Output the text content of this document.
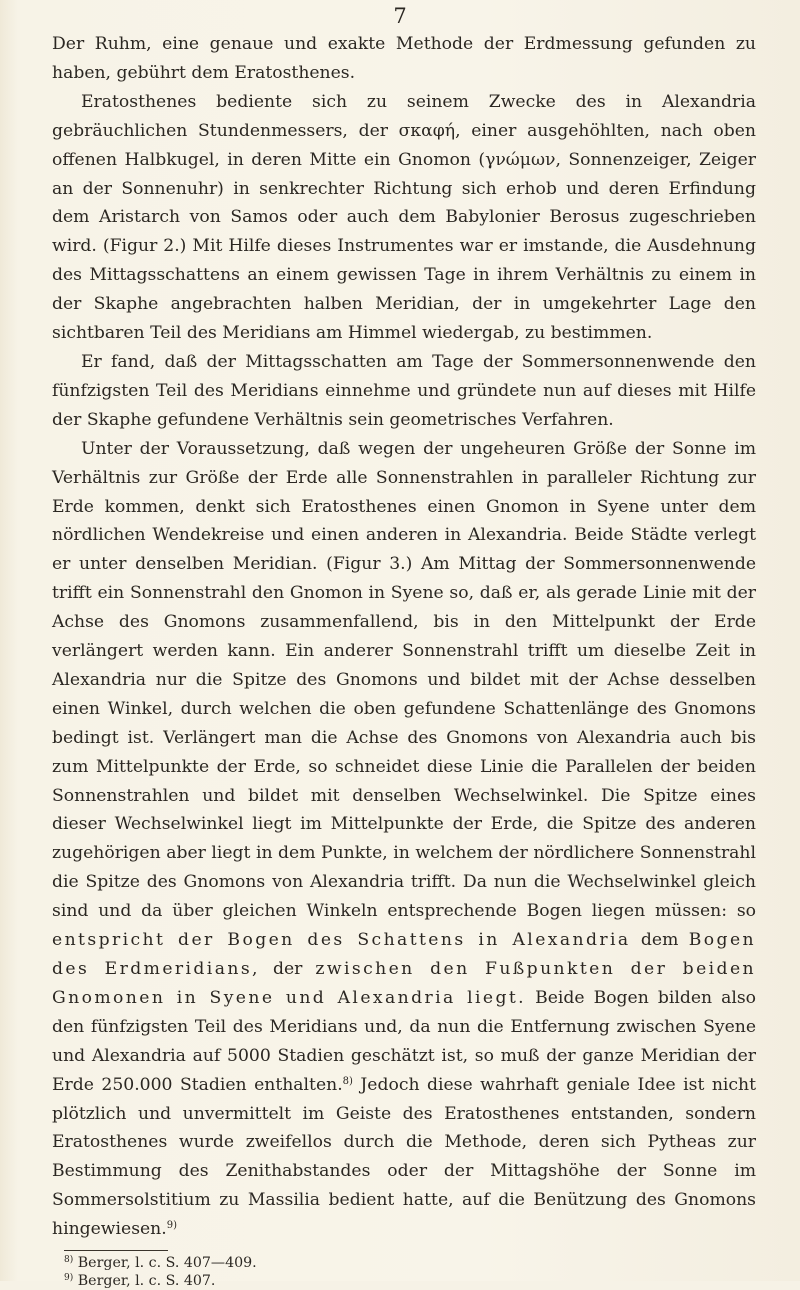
7

Der Ruhm, eine genaue und exakte Methode der Erdmessung gefunden zu haben, gebührt dem Eratosthenes.

Eratosthenes bediente sich zu seinem Zwecke des in Alexandria gebräuchlichen Stundenmessers, der σκαφή, einer ausgehöhlten, nach oben offenen Halbkugel, in deren Mitte ein Gnomon (γνώμων, Sonnenzeiger, Zeiger an der Sonnenuhr) in senkrechter Richtung sich erhob und deren Erfindung dem Aristarch von Samos oder auch dem Babylonier Berosus zugeschrieben wird. (Figur 2.) Mit Hilfe dieses Instrumentes war er imstande, die Ausdehnung des Mittagsschattens an einem gewissen Tage in ihrem Verhältnis zu einem in der Skaphe angebrachten halben Meridian, der in umgekehrter Lage den sichtbaren Teil des Meridians am Himmel wiedergab, zu bestimmen.

Er fand, daß der Mittagsschatten am Tage der Sommersonnenwende den fünfzigsten Teil des Meridians einnehme und gründete nun auf dieses mit Hilfe der Skaphe gefundene Verhältnis sein geometrisches Verfahren.

Unter der Voraussetzung, daß wegen der ungeheuren Größe der Sonne im Verhältnis zur Größe der Erde alle Sonnenstrahlen in paralleler Richtung zur Erde kommen, denkt sich Eratosthenes einen Gnomon in Syene unter dem nördlichen Wendekreise und einen anderen in Alexandria. Beide Städte verlegt er unter denselben Meridian. (Figur 3.) Am Mittag der Sommersonnenwende trifft ein Sonnenstrahl den Gnomon in Syene so, daß er, als gerade Linie mit der Achse des Gnomons zusammenfallend, bis in den Mittelpunkt der Erde verlängert werden kann. Ein anderer Sonnenstrahl trifft um dieselbe Zeit in Alexandria nur die Spitze des Gnomons und bildet mit der Achse desselben einen Winkel, durch welchen die oben gefundene Schattenlänge des Gnomons bedingt ist. Verlängert man die Achse des Gnomons von Alexandria auch bis zum Mittelpunkte der Erde, so schneidet diese Linie die Parallelen der beiden Sonnenstrahlen und bildet mit denselben Wechselwinkel. Die Spitze eines dieser Wechselwinkel liegt im Mittelpunkte der Erde, die Spitze des anderen zugehörigen aber liegt in dem Punkte, in welchem der nördlichere Sonnenstrahl die Spitze des Gnomons von Alexandria trifft. Da nun die Wechselwinkel gleich sind und da über gleichen Winkeln entsprechende Bogen liegen müssen: so entspricht der Bogen des Schattens in Alexandria dem Bogen des Erdmeridians, der zwischen den Fußpunkten der beiden Gnomonen in Syene und Alexandria liegt. Beide Bogen bilden also den fünfzigsten Teil des Meridians und, da nun die Entfernung zwischen Syene und Alexandria auf 5000 Stadien geschätzt ist, so muß der ganze Meridian der Erde 250.000 Stadien enthalten.$^{8)}$ Jedoch diese wahrhaft geniale Idee ist nicht plötzlich und unvermittelt im Geiste des Eratosthenes entstanden, sondern Eratosthenes wurde zweifellos durch die Methode, deren sich Pytheas zur Bestimmung des Zenithabstandes oder der Mittagshöhe der Sonne im Sommersolstitium zu Massilia bedient hatte, auf die Benützung des Gnomons hingewiesen.$^{9)}$

$^{8)}$ Berger, l. c. S. 407—409.
$^{9)}$ Berger, l. c. S. 407.
